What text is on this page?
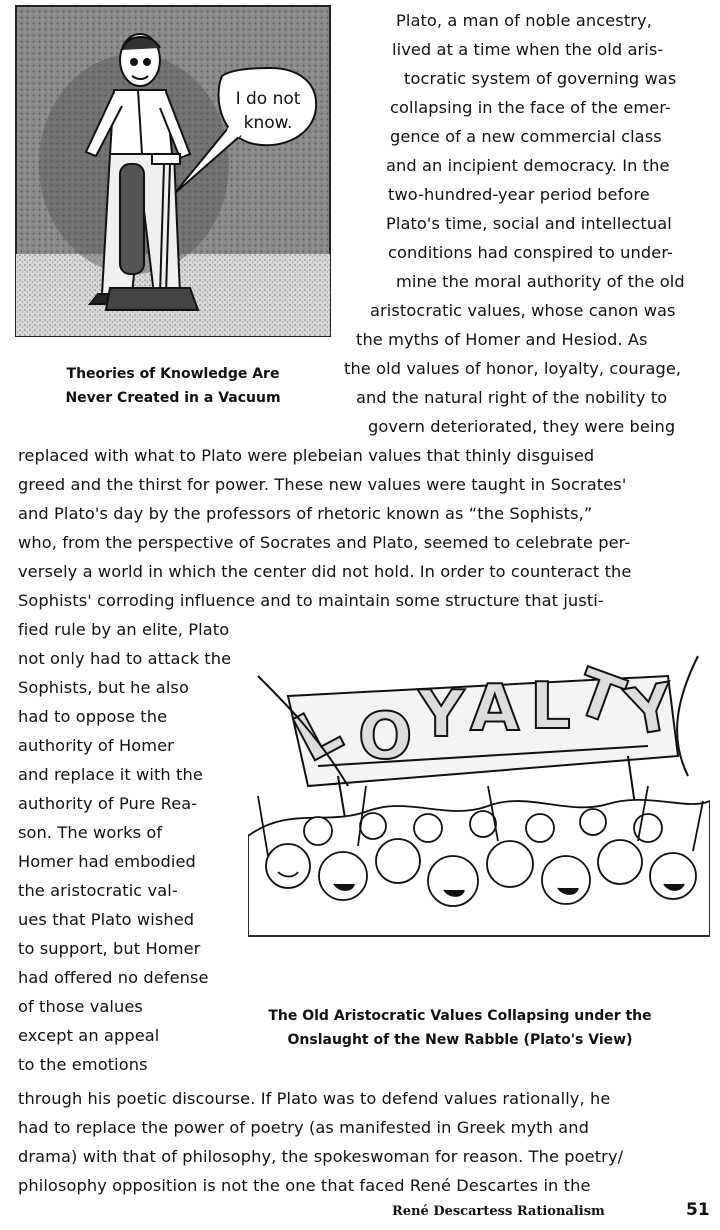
I do not
know.
Theories of Knowledge Are
Never Created in a Vacuum
Plato, a man of noble ancestry,
lived at a time when the old aris-
tocratic system of governing was
collapsing in the face of the emer-
gence of a new commercial class
and an incipient democracy. In the
two-hundred-year period before
Plato's time, social and intellectual
conditions had conspired to under-
mine the moral authority of the old
aristocratic values, whose canon was
the myths of Homer and Hesiod. As
the old values of honor, loyalty, courage,
and the natural right of the nobility to
govern deteriorated, they were being
replaced with what to Plato were plebeian values that thinly disguised
greed and the thirst for power. These new values were taught in Socrates'
and Plato's day by the professors of rhetoric known as “the Sophists,”
who, from the perspective of Socrates and Plato, seemed to celebrate per-
versely a world in which the center did not hold. In order to counteract the
Sophists' corroding influence and to maintain some structure that justi-
fied rule by an elite, Plato
not only had to attack the
Sophists, but he also
had to oppose the
authority of Homer
and replace it with the
authority of Pure Rea-
son. The works of
Homer had embodied
the aristocratic val-
ues that Plato wished
to support, but Homer
had offered no defense
of those values
except an appeal
to the emotions
L O Y A L
T
Y
The Old Aristocratic Values Collapsing under the
Onslaught of the New Rabble (Plato's View)
through his poetic discourse. If Plato was to defend values rationally, he
had to replace the power of poetry (as manifested in Greek myth and
drama) with that of philosophy, the spokeswoman for reason. The poetry/
philosophy opposition is not the one that faced René Descartes in the
René Descartess Rationalism	51
